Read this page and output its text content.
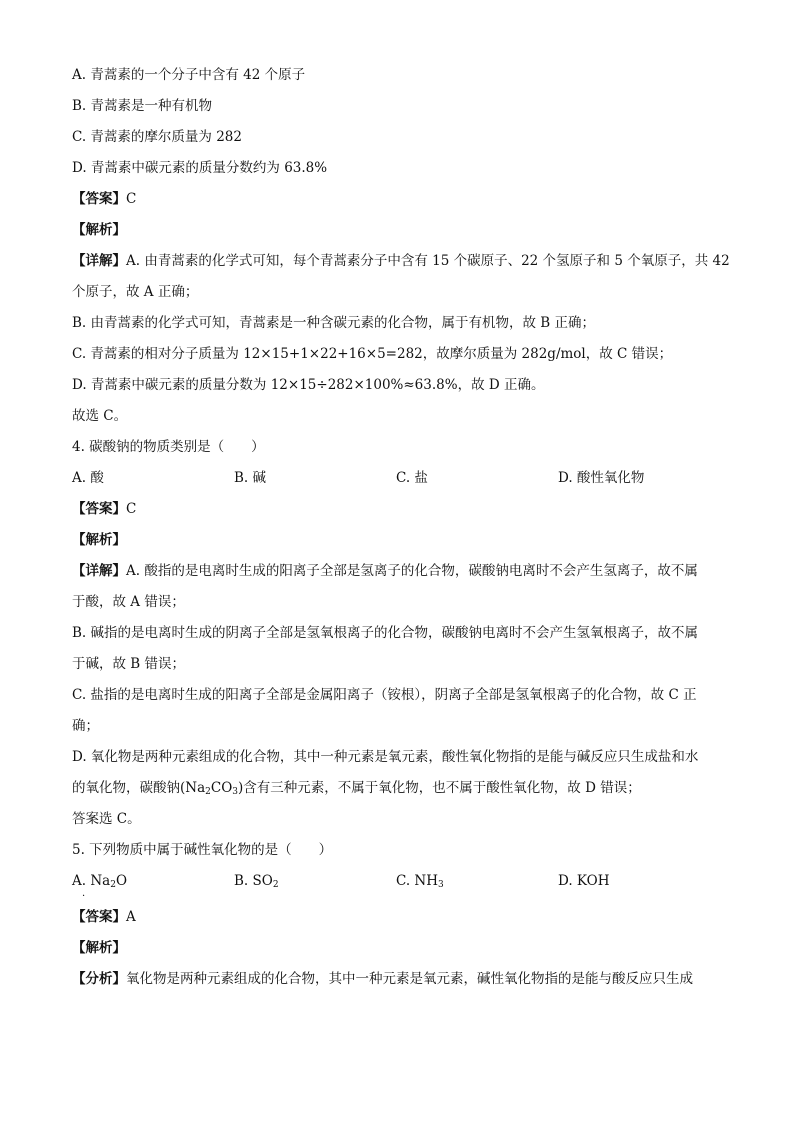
A. 青蒿素的一个分子中含有 42 个原子
B. 青蒿素是一种有机物
C. 青蒿素的摩尔质量为 282
D. 青蒿素中碳元素的质量分数约为 63.8%
【答案】C
【解析】
【详解】A. 由青蒿素的化学式可知，每个青蒿素分子中含有 15 个碳原子、22 个氢原子和 5 个氧原子，共 42
个原子，故 A 正确；
B. 由青蒿素的化学式可知，青蒿素是一种含碳元素的化合物，属于有机物，故 B 正确；
C. 青蒿素的相对分子质量为 12×15+1×22+16×5=282，故摩尔质量为 282g/mol，故 C 错误；
D. 青蒿素中碳元素的质量分数为 12×15÷282×100%≈63.8%，故 D 正确。
故选 C。
4. 碳酸钠的物质类别是（　　）
A. 酸	B. 碱	C. 盐	D. 酸性氧化物
【答案】C
【解析】
【详解】A. 酸指的是电离时生成的阳离子全部是氢离子的化合物，碳酸钠电离时不会产生氢离子，故不属
于酸，故 A 错误；
B. 碱指的是电离时生成的阴离子全部是氢氧根离子的化合物，碳酸钠电离时不会产生氢氧根离子，故不属
于碱，故 B 错误；
C. 盐指的是电离时生成的阳离子全部是金属阳离子（铵根），阴离子全部是氢氧根离子的化合物，故 C 正
确；
D. 氧化物是两种元素组成的化合物，其中一种元素是氧元素，酸性氧化物指的是能与碱反应只生成盐和水
的氧化物，碳酸钠$(Na_2CO_3)$含有三种元素，不属于氧化物，也不属于酸性氧化物，故 D 错误；
答案选 C。
5. 下列物质中属于碱性氧化物的是（　　）
A. $Na_2O$	B. $SO_2$	C. $NH_3$	D. KOH
·
【答案】A
【解析】
【分析】氧化物是两种元素组成的化合物，其中一种元素是氧元素，碱性氧化物指的是能与酸反应只生成
